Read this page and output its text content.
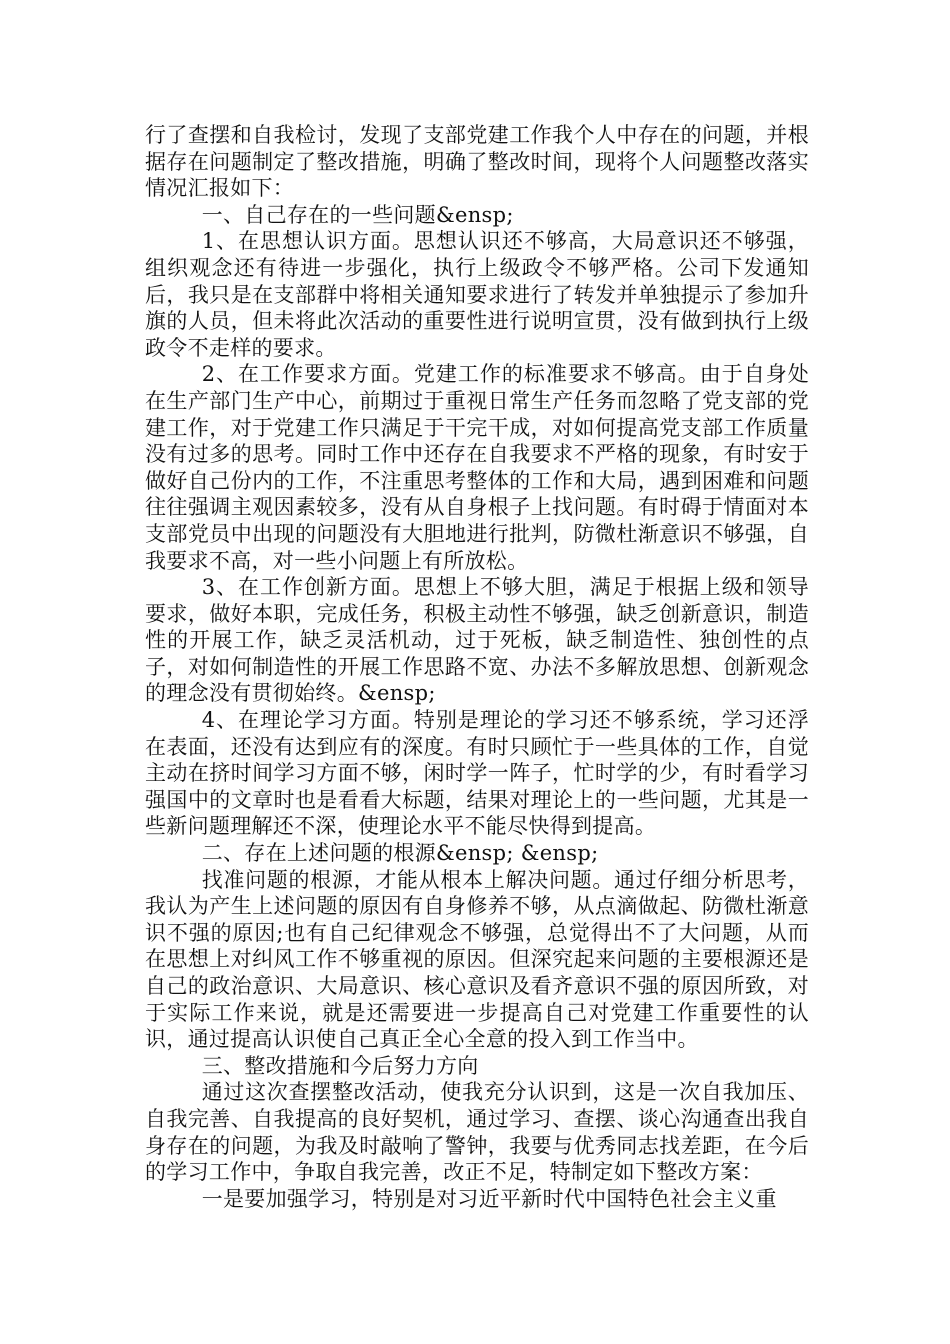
行了查摆和自我检讨，发现了支部党建工作我个人中存在的问题，并根据存在问题制定了整改措施，明确了整改时间，现将个人问题整改落实情况汇报如下：

一、自己存在的一些问题&ensp;

1、在思想认识方面。思想认识还不够高，大局意识还不够强，组织观念还有待进一步强化，执行上级政令不够严格。公司下发通知后，我只是在支部群中将相关通知要求进行了转发并单独提示了参加升旗的人员，但未将此次活动的重要性进行说明宣贯，没有做到执行上级政令不走样的要求。

2、在工作要求方面。党建工作的标准要求不够高。由于自身处在生产部门生产中心，前期过于重视日常生产任务而忽略了党支部的党建工作，对于党建工作只满足于干完干成，对如何提高党支部工作质量没有过多的思考。同时工作中还存在自我要求不严格的现象，有时安于做好自己份内的工作，不注重思考整体的工作和大局，遇到困难和问题往往强调主观因素较多，没有从自身根子上找问题。有时碍于情面对本支部党员中出现的问题没有大胆地进行批判，防微杜渐意识不够强，自我要求不高，对一些小问题上有所放松。

3、在工作创新方面。思想上不够大胆，满足于根据上级和领导要求，做好本职，完成任务，积极主动性不够强，缺乏创新意识，制造性的开展工作，缺乏灵活机动，过于死板，缺乏制造性、独创性的点子，对如何制造性的开展工作思路不宽、办法不多解放思想、创新观念的理念没有贯彻始终。&ensp;

4、在理论学习方面。特别是理论的学习还不够系统，学习还浮在表面，还没有达到应有的深度。有时只顾忙于一些具体的工作，自觉主动在挤时间学习方面不够，闲时学一阵子，忙时学的少，有时看学习强国中的文章时也是看看大标题，结果对理论上的一些问题，尤其是一些新问题理解还不深，使理论水平不能尽快得到提高。

二、存在上述问题的根源&ensp; &ensp;

找准问题的根源，才能从根本上解决问题。通过仔细分析思考，我认为产生上述问题的原因有自身修养不够，从点滴做起、防微杜渐意识不强的原因;也有自己纪律观念不够强，总觉得出不了大问题，从而在思想上对纠风工作不够重视的原因。但深究起来问题的主要根源还是自己的政治意识、大局意识、核心意识及看齐意识不强的原因所致，对于实际工作来说，就是还需要进一步提高自己对党建工作重要性的认识，通过提高认识使自己真正全心全意的投入到工作当中。

三、整改措施和今后努力方向

通过这次查摆整改活动，使我充分认识到，这是一次自我加压、自我完善、自我提高的良好契机，通过学习、查摆、谈心沟通查出我自身存在的问题，为我及时敲响了警钟，我要与优秀同志找差距，在今后的学习工作中，争取自我完善，改正不足，特制定如下整改方案：

一是要加强学习，特别是对习近平新时代中国特色社会主义重
